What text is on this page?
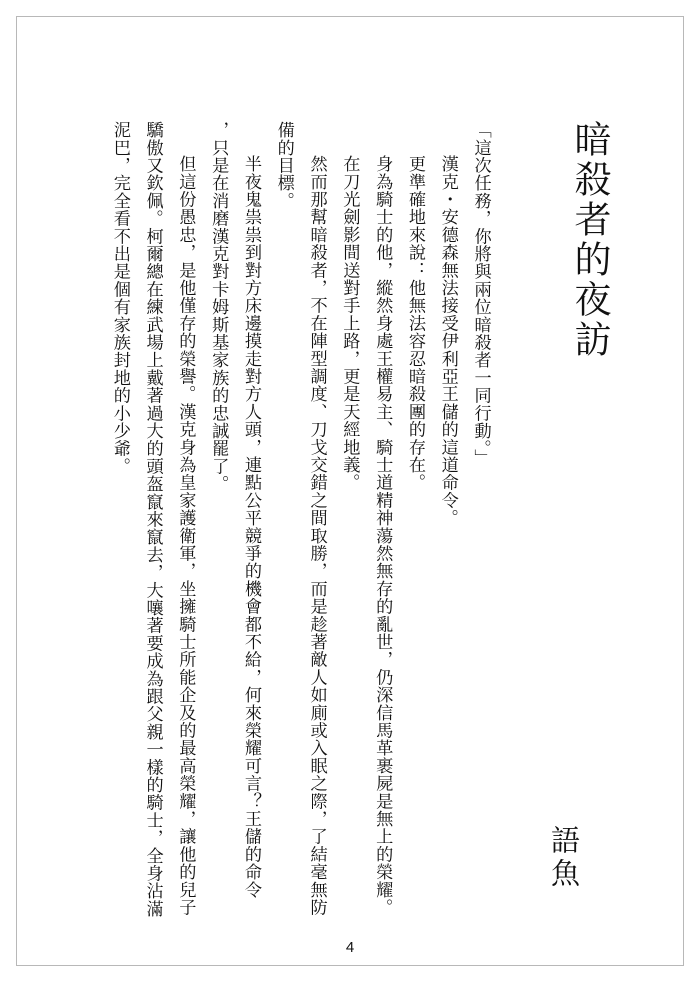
暗殺者的夜訪
語魚

「這次任務，你將與兩位暗殺者一同行動。」

漢克・安德森無法接受伊利亞王儲的這道命令。

更準確地來說：他無法容忍暗殺團的存在。

身為騎士的他，縱然身處王權易主、騎士道精神蕩然無存的亂世，仍深信馬革裹屍是無上的榮耀。

在刀光劍影間送對手上路，更是天經地義。

然而那幫暗殺者，不在陣型調度、刀戈交錯之間取勝，而是趁著敵人如廁或入眠之際，了結毫無防
備的目標。

半夜鬼祟祟到對方床邊摸走對方人頭，連點公平競爭的機會都不給，何來榮耀可言？王儲的命令
，只是在消磨漢克對卡姆斯基家族的忠誠罷了。

但這份愚忠，是他僅存的榮譽。漢克身為皇家護衛軍，坐擁騎士所能企及的最高榮耀，讓他的兒子
驕傲又欽佩。柯爾總在練武場上戴著過大的頭盔竄來竄去，大嚷著要成為跟父親一樣的騎士，全身沾滿
泥巴，完全看不出是個有家族封地的小少爺。

4
